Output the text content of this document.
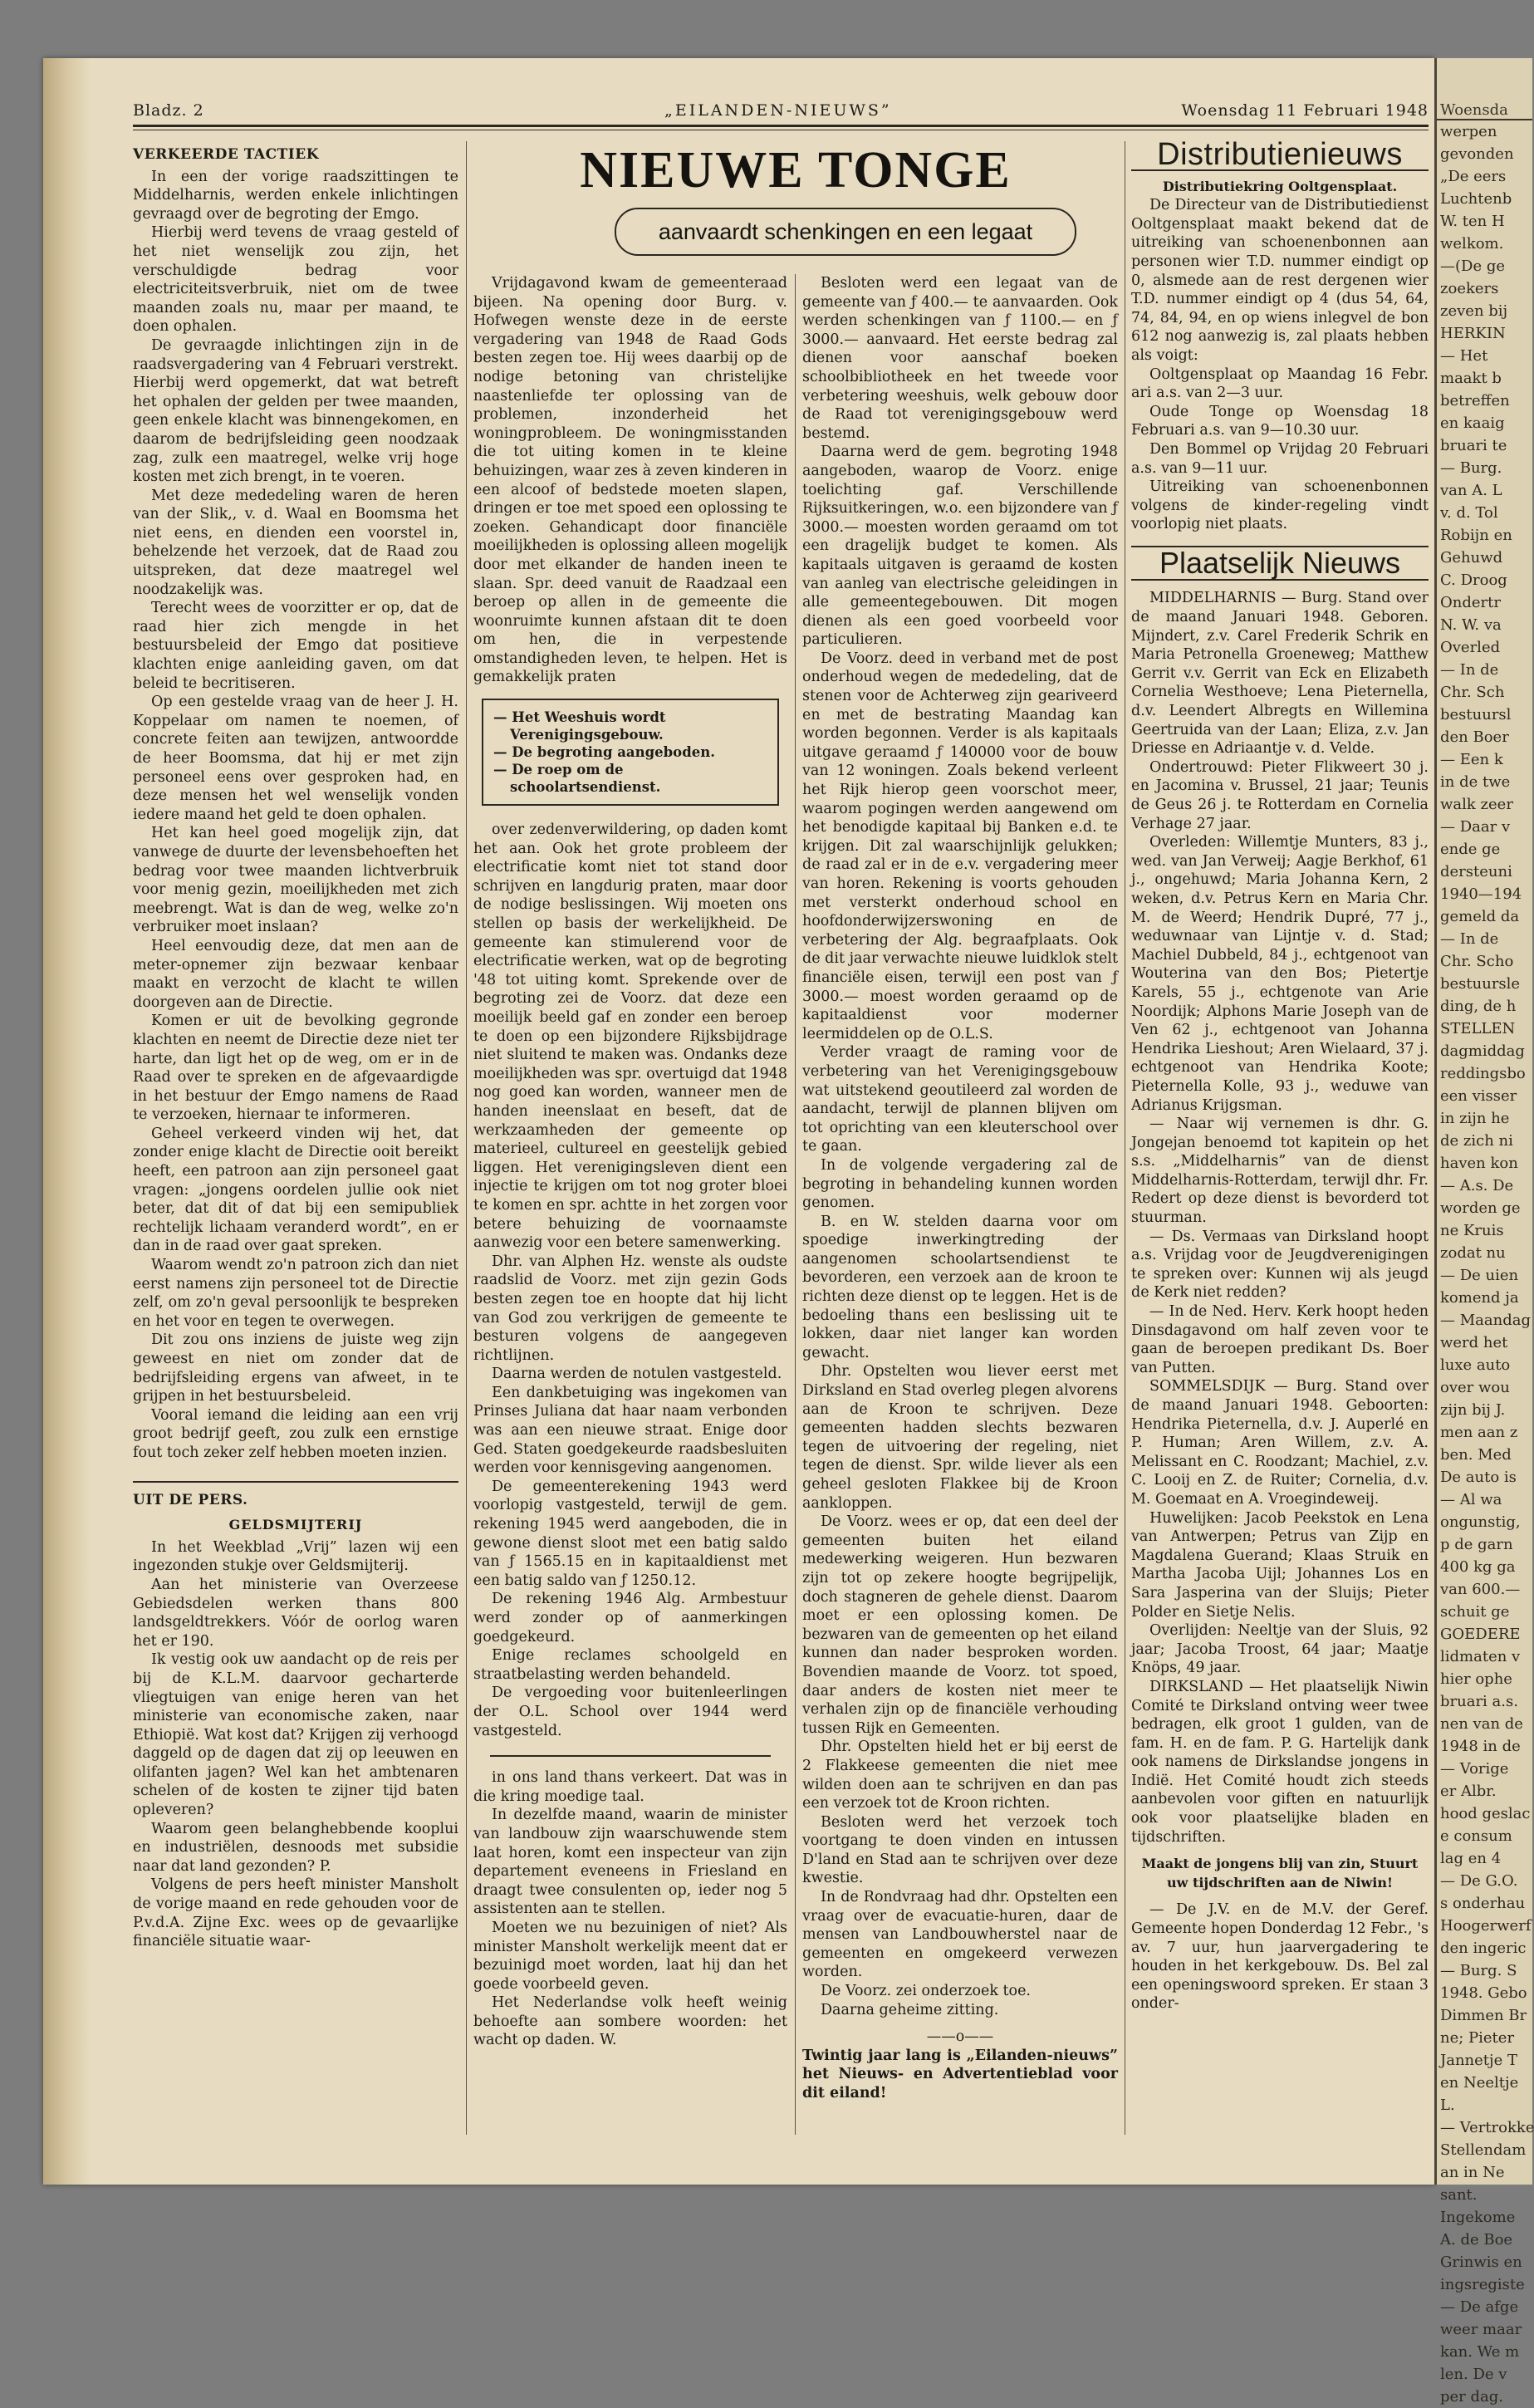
Woensda
werpen
gevonden
„De eers
Luchtenb
W. ten H
welkom.
—(De ge
zoekers
zeven bij
HERKIN
— Het
maakt b
betreffen
en kaaig
bruari te
— Burg.
van A. L
v. d. Tol
Robijn en
Gehuwd
C. Droog
Ondertr
N. W. va
Overled
— In de
Chr. Sch
bestuursl
den Boer
— Een k
in de twe
walk zeer
— Daar v
ende ge
dersteuni
1940—194
gemeld da
— In de
Chr. Scho
bestuursle
ding, de h
STELLEN
dagmiddag
reddingsbo
een visser
in zijn he
de zich ni
haven kon
— A.s. De
worden ge
ne Kruis
zodat nu
— De uien
komend ja
— Maandag
werd het
luxe auto
over wou
zijn bij J.
men aan z
ben. Med
De auto is
— Al wa
ongunstig,
p de garn
400 kg ga
van 600.—
schuit ge
GOEDERE
lidmaten v
hier ophe
bruari a.s.
nen van de
1948 in de
— Vorige
er Albr.
hood geslac
e consum
lag en 4
— De G.O.
s onderhau
Hoogerwerf
den ingeric
— Burg. S
1948. Gebo
Dimmen Br
ne; Pieter
Jannetje T
en Neeltje
L.
— Vertrokke
Stellendam
an in Ne
sant.
Ingekome
A. de Boe
Grinwis en
ingsregiste
— De afge
weer maar
kan. We m
len. De v
per dag.
Bladz. 2	„EILANDEN-NIEUWS”	Woensdag 11 Februari 1948
VERKEERDE TACTIEK

In een der vorige raadszittingen te Middelharnis, werden enkele inlichtingen gevraagd over de begroting der Emgo.

Hierbij werd tevens de vraag gesteld of het niet wenselijk zou zijn, het verschuldigde bedrag voor electriciteitsverbruik, niet om de twee maanden zoals nu, maar per maand, te doen ophalen.

De gevraagde inlichtingen zijn in de raadsvergadering van 4 Februari verstrekt. Hierbij werd opgemerkt, dat wat betreft het ophalen der gelden per twee maanden, geen enkele klacht was binnengekomen, en daarom de bedrijfsleiding geen noodzaak zag, zulk een maatregel, welke vrij hoge kosten met zich brengt, in te voeren.

Met deze mededeling waren de heren van der Slik,, v. d. Waal en Boomsma het niet eens, en dienden een voorstel in, behelzende het verzoek, dat de Raad zou uitspreken, dat deze maatregel wel noodzakelijk was.

Terecht wees de voorzitter er op, dat de raad hier zich mengde in het bestuursbeleid der Emgo dat positieve klachten enige aanleiding gaven, om dat beleid te becritiseren.

Op een gestelde vraag van de heer J. H. Koppelaar om namen te noemen, of concrete feiten aan tewijzen, antwoordde de heer Boomsma, dat hij er met zijn personeel eens over gesproken had, en deze mensen het wel wenselijk vonden iedere maand het geld te doen ophalen.

Het kan heel goed mogelijk zijn, dat vanwege de duurte der levensbehoeften het bedrag voor twee maanden lichtverbruik voor menig gezin, moeilijkheden met zich meebrengt. Wat is dan de weg, welke zo'n verbruiker moet inslaan?

Heel eenvoudig deze, dat men aan de meter-opnemer zijn bezwaar kenbaar maakt en verzocht de klacht te willen doorgeven aan de Directie.

Komen er uit de bevolking gegronde klachten en neemt de Directie deze niet ter harte, dan ligt het op de weg, om er in de Raad over te spreken en de afgevaardigde in het bestuur der Emgo namens de Raad te verzoeken, hiernaar te informeren.

Geheel verkeerd vinden wij het, dat zonder enige klacht de Directie ooit bereikt heeft, een patroon aan zijn personeel gaat vragen: „jongens oordelen jullie ook niet beter, dat dit of dat bij een semipubliek rechtelijk lichaam veranderd wordt”, en er dan in de raad over gaat spreken.

Waarom wendt zo'n patroon zich dan niet eerst namens zijn personeel tot de Directie zelf, om zo'n geval persoonlijk te bespreken en het voor en tegen te overwegen.

Dit zou ons inziens de juiste weg zijn geweest en niet om zonder dat de bedrijfsleiding ergens van afweet, in te grijpen in het bestuursbeleid.

Vooral iemand die leiding aan een vrij groot bedrijf geeft, zou zulk een ernstige fout toch zeker zelf hebben moeten inzien.

UIT DE PERS.
GELDSMIJTERIJ

In het Weekblad „Vrij” lazen wij een ingezonden stukje over Geldsmijterij.

Aan het ministerie van Overzeese Gebiedsdelen werken thans 800 landsgeldtrekkers. Vóór de oorlog waren het er 190.

Ik vestig ook uw aandacht op de reis per bij de K.L.M. daarvoor gecharterde vliegtuigen van enige heren van het ministerie van economische zaken, naar Ethiopië. Wat kost dat? Krijgen zij verhoogd daggeld op de dagen dat zij op leeuwen en olifanten jagen? Wel kan het ambtenaren schelen of de kosten te zijner tijd baten opleveren?

Waarom geen belanghebbende kooplui en industriëlen, desnoods met subsidie naar dat land gezonden? P.

Volgens de pers heeft minister Mansholt de vorige maand en rede gehouden voor de P.v.d.A. Zijne Exc. wees op de gevaarlijke financiële situatie waar-

NIEUWE TONGE
aanvaardt schenkingen en een legaat

Vrijdagavond kwam de gemeenteraad bijeen. Na opening door Burg. v. Hofwegen wenste deze in de eerste vergadering van 1948 de Raad Gods besten zegen toe. Hij wees daarbij op de nodige betoning van christelijke naastenliefde ter oplossing van de problemen, inzonderheid het woningprobleem. De woningmisstanden die tot uiting komen in te kleine behuizingen, waar zes à zeven kinderen in een alcoof of bedstede moeten slapen, dringen er toe met spoed een oplossing te zoeken. Gehandicapt door financiële moeilijkheden is oplossing alleen mogelijk door met elkander de handen ineen te slaan. Spr. deed vanuit de Raadzaal een beroep op allen in de gemeente die woonruimte kunnen afstaan dit te doen om hen, die in verpestende omstandigheden leven, te helpen. Het is gemakkelijk praten

— Het Weeshuis wordt Verenigingsgebouw.
— De begroting aangeboden.
— De roep om de schoolartsendienst.

over zedenverwildering, op daden komt het aan. Ook het grote probleem der electrificatie komt niet tot stand door schrijven en langdurig praten, maar door de nodige beslissingen. Wij moeten ons stellen op basis der werkelijkheid. De gemeente kan stimulerend voor de electrificatie werken, wat op de begroting '48 tot uiting komt. Sprekende over de begroting zei de Voorz. dat deze een moeilijk beeld gaf en zonder een beroep te doen op een bijzondere Rijksbijdrage niet sluitend te maken was. Ondanks deze moeilijkheden was spr. overtuigd dat 1948 nog goed kan worden, wanneer men de handen ineenslaat en beseft, dat de werkzaamheden der gemeente op materieel, cultureel en geestelijk gebied liggen. Het verenigingsleven dient een injectie te krijgen om tot nog groter bloei te komen en spr. achtte in het zorgen voor betere behuizing de voornaamste aanwezig voor een betere samenwerking.

Dhr. van Alphen Hz. wenste als oudste raadslid de Voorz. met zijn gezin Gods besten zegen toe en hoopte dat hij licht van God zou verkrijgen de gemeente te besturen volgens de aangegeven richtlijnen.

Daarna werden de notulen vastgesteld.

Een dankbetuiging was ingekomen van Prinses Juliana dat haar naam verbonden was aan een nieuwe straat. Enige door Ged. Staten goedgekeurde raadsbesluiten werden voor kennisgeving aangenomen.

De gemeenterekening 1943 werd voorlopig vastgesteld, terwijl de gem. rekening 1945 werd aangeboden, die in gewone dienst sloot met een batig saldo van ƒ 1565.15 en in kapitaaldienst met een batig saldo van ƒ 1250.12.

De rekening 1946 Alg. Armbestuur werd zonder op of aanmerkingen goedgekeurd.

Enige reclames schoolgeld en straatbelasting werden behandeld.

De vergoeding voor buitenleerlingen der O.L. School over 1944 werd vastgesteld.

in ons land thans verkeert. Dat was in die kring moedige taal.

In dezelfde maand, waarin de minister van landbouw zijn waarschuwende stem laat horen, komt een inspecteur van zijn departement eveneens in Friesland en draagt twee consulenten op, ieder nog 5 assistenten aan te stellen.

Moeten we nu bezuinigen of niet? Als minister Mansholt werkelijk meent dat er bezuinigd moet worden, laat hij dan het goede voorbeeld geven.

Het Nederlandse volk heeft weinig behoefte aan sombere woorden: het wacht op daden. W.

Besloten werd een legaat van de gemeente van ƒ 400.— te aanvaarden. Ook werden schenkingen van ƒ 1100.— en ƒ 3000.— aanvaard. Het eerste bedrag zal dienen voor aanschaf boeken schoolbibliotheek en het tweede voor verbetering weeshuis, welk gebouw door de Raad tot verenigingsgebouw werd bestemd.

Daarna werd de gem. begroting 1948 aangeboden, waarop de Voorz. enige toelichting gaf. Verschillende Rijksuitkeringen, w.o. een bijzondere van ƒ 3000.— moesten worden geraamd om tot een dragelijk budget te komen. Als kapitaals uitgaven is geraamd de kosten van aanleg van electrische geleidingen in alle gemeentegebouwen. Dit mogen dienen als een goed voorbeeld voor particulieren.

De Voorz. deed in verband met de post onderhoud wegen de mededeling, dat de stenen voor de Achterweg zijn geariveerd en met de bestrating Maandag kan worden begonnen. Verder is als kapitaals uitgave geraamd ƒ 140000 voor de bouw van 12 woningen. Zoals bekend verleent het Rijk hierop geen voorschot meer, waarom pogingen werden aangewend om het benodigde kapitaal bij Banken e.d. te krijgen. Dit zal waarschijnlijk gelukken; de raad zal er in de e.v. vergadering meer van horen. Rekening is voorts gehouden met versterkt onderhoud school en hoofdonderwijzerswoning en de verbetering der Alg. begraafplaats. Ook de dit jaar verwachte nieuwe luidklok stelt financiële eisen, terwijl een post van ƒ 3000.— moest worden geraamd op de kapitaaldienst voor moderner leermiddelen op de O.L.S.

Verder vraagt de raming voor de verbetering van het Verenigingsgebouw wat uitstekend geoutileerd zal worden de aandacht, terwijl de plannen blijven om tot oprichting van een kleuterschool over te gaan.

In de volgende vergadering zal de begroting in behandeling kunnen worden genomen.

B. en W. stelden daarna voor om spoedige inwerkingtreding der aangenomen schoolartsendienst te bevorderen, een verzoek aan de kroon te richten deze dienst op te leggen. Het is de bedoeling thans een beslissing uit te lokken, daar niet langer kan worden gewacht.

Dhr. Opstelten wou liever eerst met Dirksland en Stad overleg plegen alvorens aan de Kroon te schrijven. Deze gemeenten hadden slechts bezwaren tegen de uitvoering der regeling, niet tegen de dienst. Spr. wilde liever als een geheel gesloten Flakkee bij de Kroon aankloppen.

De Voorz. wees er op, dat een deel der gemeenten buiten het eiland medewerking weigeren. Hun bezwaren zijn tot op zekere hoogte begrijpelijk, doch stagneren de gehele dienst. Daarom moet er een oplossing komen. De bezwaren van de gemeenten op het eiland kunnen dan nader besproken worden. Bovendien maande de Voorz. tot spoed, daar anders de kosten niet meer te verhalen zijn op de financiële verhouding tussen Rijk en Gemeenten.

Dhr. Opstelten hield het er bij eerst de 2 Flakkeese gemeenten die niet mee wilden doen aan te schrijven en dan pas een verzoek tot de Kroon richten.

Besloten werd het verzoek toch voortgang te doen vinden en intussen D'land en Stad aan te schrijven over deze kwestie.

In de Rondvraag had dhr. Opstelten een vraag over de evacuatie-huren, daar de mensen van Landbouwherstel naar de gemeenten en omgekeerd verwezen worden.

De Voorz. zei onderzoek toe.

Daarna geheime zitting.

——o——

Twintig jaar lang is „Eilanden-nieuws” het Nieuws- en Advertentieblad voor dit eiland!

Distributienieuws

Distributiekring Ooltgensplaat.

De Directeur van de Distributiedienst Ooltgensplaat maakt bekend dat de uitreiking van schoenenbonnen aan personen wier T.D. nummer eindigt op 0, alsmede aan de rest dergenen wier T.D. nummer eindigt op 4 (dus 54, 64, 74, 84, 94, en op wiens inlegvel de bon 612 nog aanwezig is, zal plaats hebben als voigt:

Ooltgensplaat op Maandag 16 Febr. ari a.s. van 2—3 uur.

Oude Tonge op Woensdag 18 Februari a.s. van 9—10.30 uur.

Den Bommel op Vrijdag 20 Februari a.s. van 9—11 uur.

Uitreiking van schoenenbonnen volgens de kinder-regeling vindt voorlopig niet plaats.

Plaatselijk Nieuws

MIDDELHARNIS — Burg. Stand over de maand Januari 1948. Geboren. Mijndert, z.v. Carel Frederik Schrik en Maria Petronella Groeneweg; Matthew Gerrit v.v. Gerrit van Eck en Elizabeth Cornelia Westhoeve; Lena Pieternella, d.v. Leendert Albregts en Willemina Geertruida van der Laan; Eliza, z.v. Jan Driesse en Adriaantje v. d. Velde.

Ondertrouwd: Pieter Flikweert 30 j. en Jacomina v. Brussel, 21 jaar; Teunis de Geus 26 j. te Rotterdam en Cornelia Verhage 27 jaar.

Overleden: Willemtje Munters, 83 j., wed. van Jan Verweij; Aagje Berkhof, 61 j., ongehuwd; Maria Johanna Kern, 2 weken, d.v. Petrus Kern en Maria Chr. M. de Weerd; Hendrik Dupré, 77 j., weduwnaar van Lijntje v. d. Stad; Machiel Dubbeld, 84 j., echtgenoot van Wouterina van den Bos; Pietertje Karels, 55 j., echtgenote van Arie Noordijk; Alphons Marie Joseph van de Ven 62 j., echtgenoot van Johanna Hendrika Lieshout; Aren Wielaard, 37 j. echtgenoot van Hendrika Koote; Pieternella Kolle, 93 j., weduwe van Adrianus Krijgsman.

— Naar wij vernemen is dhr. G. Jongejan benoemd tot kapitein op het s.s. „Middelharnis” van de dienst Middelharnis-Rotterdam, terwijl dhr. Fr. Redert op deze dienst is bevorderd tot stuurman.

— Ds. Vermaas van Dirksland hoopt a.s. Vrijdag voor de Jeugdverenigingen te spreken over: Kunnen wij als jeugd de Kerk niet redden?

— In de Ned. Herv. Kerk hoopt heden Dinsdagavond om half zeven voor te gaan de beroepen predikant Ds. Boer van Putten.

SOMMELSDIJK — Burg. Stand over de maand Januari 1948. Geboorten: Hendrika Pieternella, d.v. J. Auperlé en P. Human; Aren Willem, z.v. A. Melissant en C. Roodzant; Machiel, z.v. C. Looij en Z. de Ruiter; Cornelia, d.v. M. Goemaat en A. Vroegindeweij.

Huwelijken: Jacob Peekstok en Lena van Antwerpen; Petrus van Zijp en Magdalena Guerand; Klaas Struik en Martha Jacoba Uijl; Johannes Los en Sara Jasperina van der Sluijs; Pieter Polder en Sietje Nelis.

Overlijden: Neeltje van der Sluis, 92 jaar; Jacoba Troost, 64 jaar; Maatje Knöps, 49 jaar.

DIRKSLAND — Het plaatselijk Niwin Comité te Dirksland ontving weer twee bedragen, elk groot 1 gulden, van de fam. H. en de fam. P. G. Hartelijk dank ook namens de Dirkslandse jongens in Indië. Het Comité houdt zich steeds aanbevolen voor giften en natuurlijk ook voor plaatselijke bladen en tijdschriften.

Maakt de jongens blij van zin, Stuurt uw tijdschriften aan de Niwin!

— De J.V. en de M.V. der Geref. Gemeente hopen Donderdag 12 Febr., 's av. 7 uur, hun jaarvergadering te houden in het kerkgebouw. Ds. Bel zal een openingswoord spreken. Er staan 3 onder-
